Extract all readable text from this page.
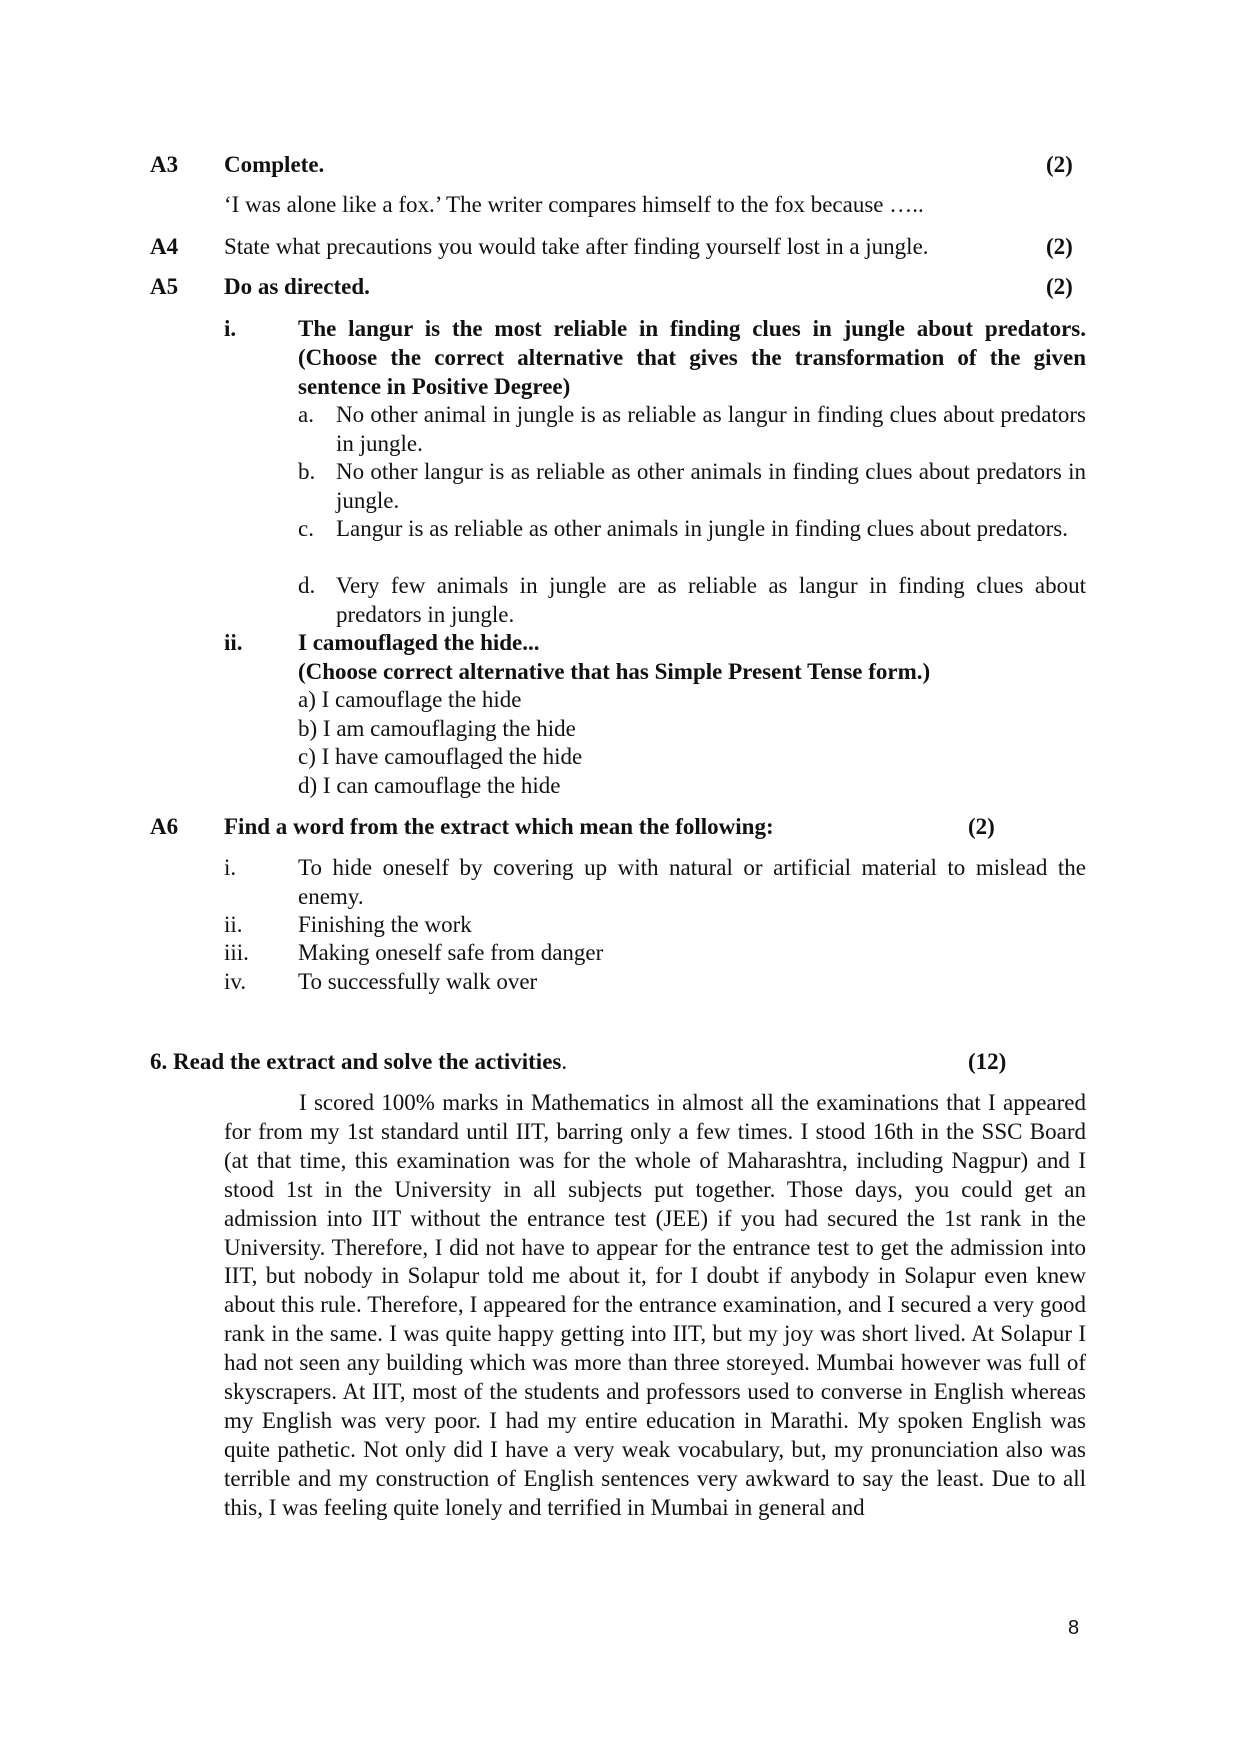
A3 Complete.	(2)
‘I was alone like a fox.’ The writer compares himself to the fox because …..
A4 State what precautions you would take after finding yourself lost in a jungle.	(2)
A5 Do as directed.	(2)
i.	The langur is the most reliable in finding clues in jungle about predators. (Choose the correct alternative that gives the transformation of the given sentence in Positive Degree)
a. No other animal in jungle is as reliable as langur in finding clues about predators in jungle.
b. No other langur is as reliable as other animals in finding clues about predators in jungle.
c. Langur is as reliable as other animals in jungle in finding clues about predators.
d. Very few animals in jungle are as reliable as langur in finding clues about predators in jungle.
ii. I camouflaged the hide...
(Choose correct alternative that has Simple Present Tense form.)
a) I camouflage the hide
b) I am camouflaging the hide
c) I have camouflaged the hide
d) I can camouflage the hide
A6 Find a word from the extract which mean the following:	(2)
i.	To hide oneself by covering up with natural or artificial material to mislead the enemy.
ii. Finishing the work
iii. Making oneself safe from danger
iv. To successfully walk over
6. Read the extract and solve the activities.	(12)
I scored 100% marks in Mathematics in almost all the examinations that I appeared for from my 1st standard until IIT, barring only a few times. I stood 16th in the SSC Board (at that time, this examination was for the whole of Maharashtra, including Nagpur) and I stood 1st in the University in all subjects put together. Those days, you could get an admission into IIT without the entrance test (JEE) if you had secured the 1st rank in the University. Therefore, I did not have to appear for the entrance test to get the admission into IIT, but nobody in Solapur told me about it, for I doubt if anybody in Solapur even knew about this rule. Therefore, I appeared for the entrance examination, and I secured a very good rank in the same. I was quite happy getting into IIT, but my joy was short lived. At Solapur I had not seen any building which was more than three storeyed. Mumbai however was full of skyscrapers. At IIT, most of the students and professors used to converse in English whereas my English was very poor. I had my entire education in Marathi. My spoken English was quite pathetic. Not only did I have a very weak vocabulary, but, my pronunciation also was terrible and my construction of English sentences very awkward to say the least. Due to all this, I was feeling quite lonely and terrified in Mumbai in general and
8
